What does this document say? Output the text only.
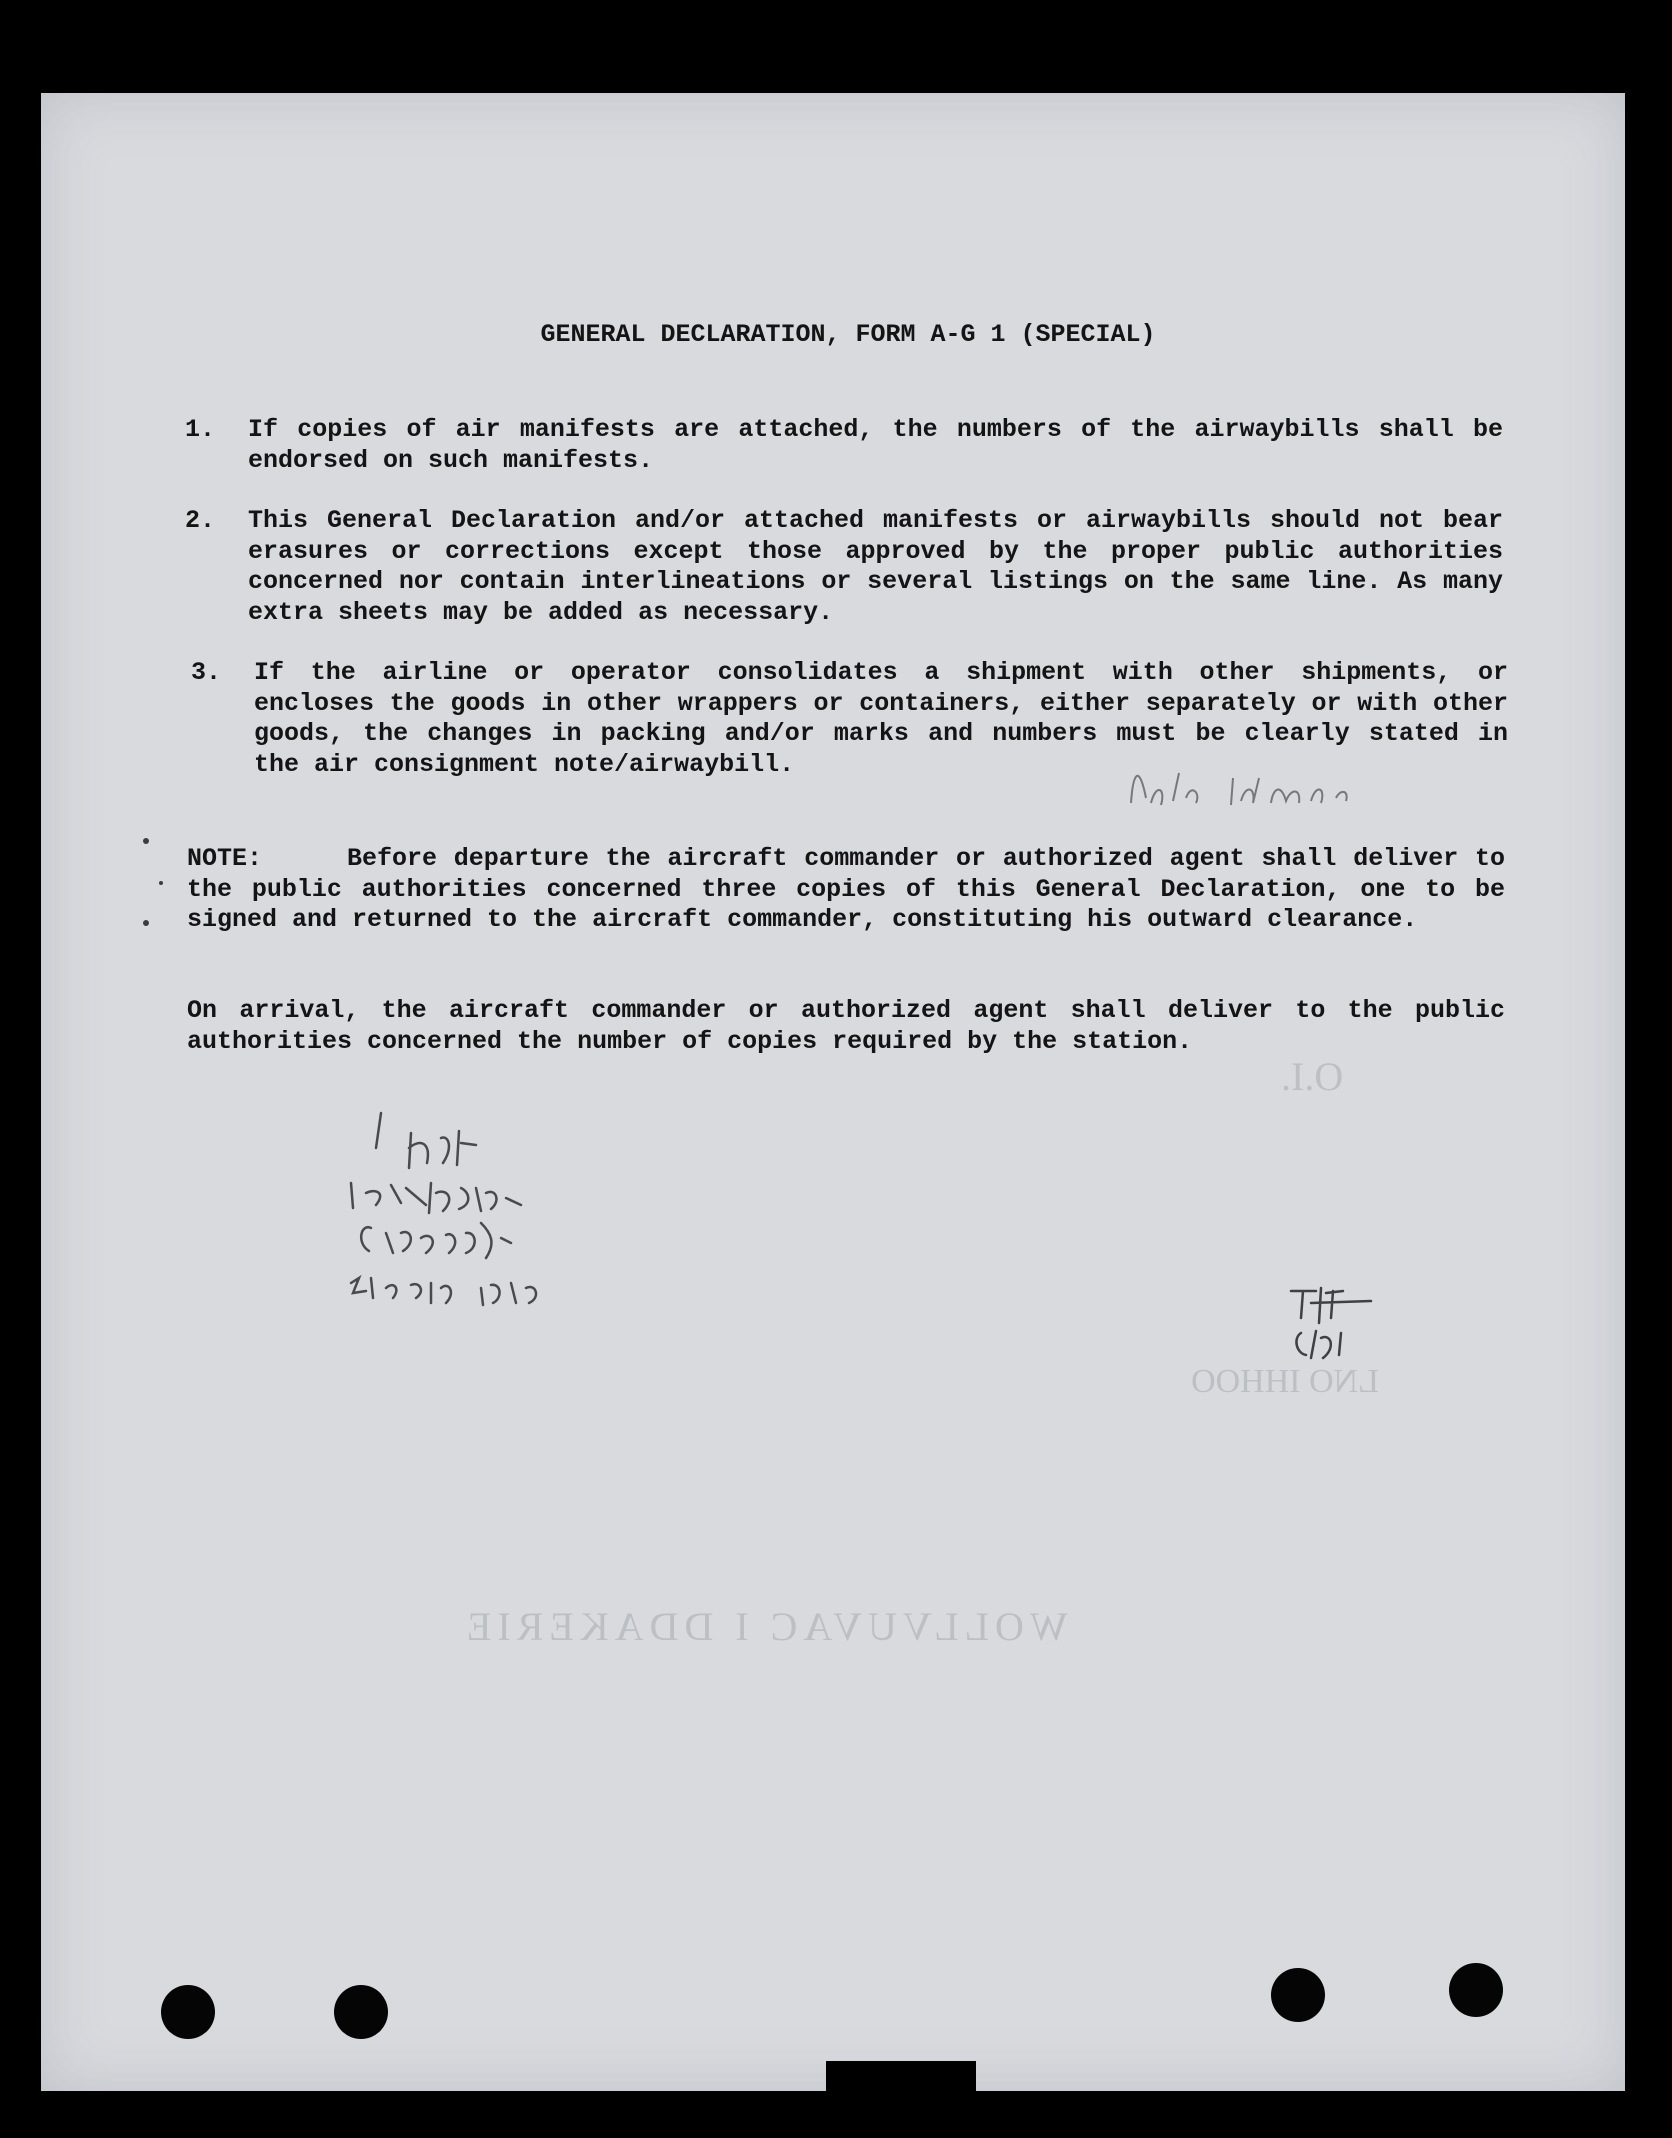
O.I.
LNO IHHOO
WOLLVUVAC I DDAKERIE
GENERAL DECLARATION, FORM A-G 1 (SPECIAL)
1. If copies of air manifests are attached, the numbers of the airwaybills shall be endorsed on such manifests.
2. This General Declaration and/or attached manifests or airwaybills should not bear erasures or corrections except those approved by the proper public authorities concerned nor contain interlineations or several listings on the same line. As many extra sheets may be added as necessary.
3. If the airline or operator consolidates a shipment with other shipments, or encloses the goods in other wrappers or containers, either separately or with other goods, the changes in packing and/or marks and numbers must be clearly stated in the air consignment note/airwaybill.
NOTE:	Before departure the aircraft commander or authorized agent shall deliver to the public authorities concerned three copies of this General Declaration, one to be signed and returned to the aircraft commander, constituting his outward clearance.
On arrival, the aircraft commander or authorized agent shall deliver to the public authorities concerned the number of copies required by the station.
